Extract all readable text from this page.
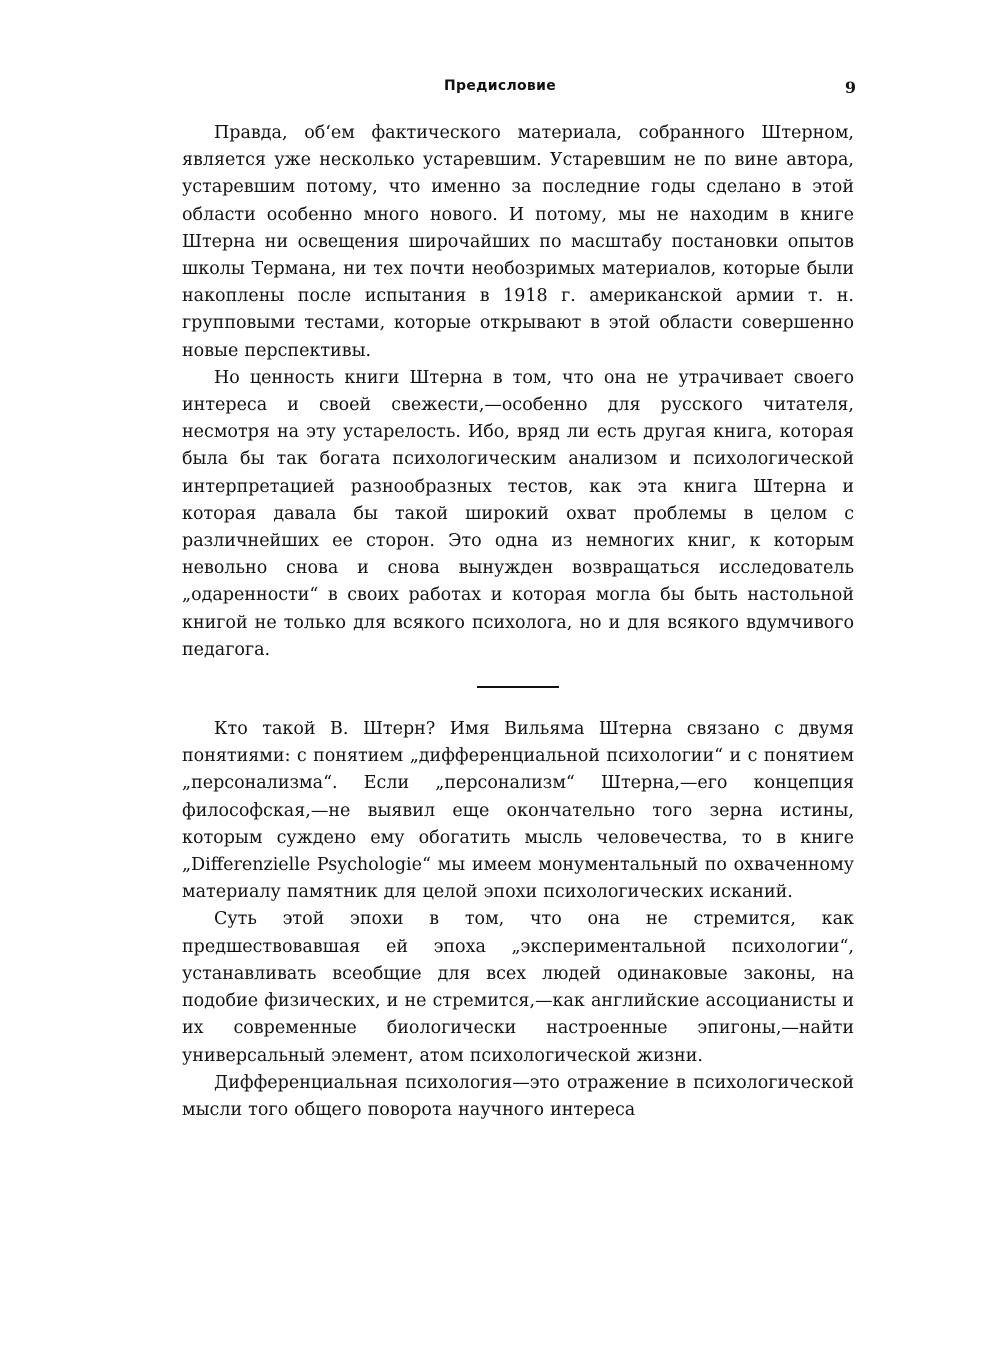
Предисловие	9

Правда, об‘ем фактического материала, собранного Штерном, является уже несколько устаревшим. Устаревшим не по вине автора, устаревшим потому, что именно за последние годы сделано в этой области особенно много нового. И потому, мы не находим в книге Штерна ни освещения широчайших по масштабу постановки опытов школы Термана, ни тех почти необозримых материалов, которые были накоплены после испытания в 1918 г. американской армии т. н. групповыми тестами, которые открывают в этой области совершенно новые перспективы.

Но ценность книги Штерна в том, что она не утрачивает своего интереса и своей свежести,—особенно для русского читателя, несмотря на эту устарелость. Ибо, вряд ли есть другая книга, которая была бы так богата психологическим анализом и психологической интерпретацией разнообразных тестов, как эта книга Штерна и которая давала бы такой широкий охват проблемы в целом с различнейших ее сторон. Это одна из немногих книг, к которым невольно снова и снова вынужден возвращаться исследователь „одаренности“ в своих работах и которая могла бы быть настольной книгой не только для всякого психолога, но и для всякого вдумчивого педагога.

Кто такой В. Штерн? Имя Вильяма Штерна связано с двумя понятиями: с понятием „дифференциальной психологии“ и с понятием „персонализма“. Если „персонализм“ Штерна,—его концепция философская,—не выявил еще окончательно того зерна истины, которым суждено ему обогатить мысль человечества, то в книге „Differenzielle Psychologie“ мы имеем монументальный по охваченному материалу памятник для целой эпохи психологических исканий.

Суть этой эпохи в том, что она не стремится, как предшествовавшая ей эпоха „экспериментальной психологии“, устанавливать всеобщие для всех людей одинаковые законы, на подобие физических, и не стремится,—как английские ассоцианисты и их современные биологически настроенные эпигоны,—найти универсальный элемент, атом психологической жизни.

Дифференциальная психология—это отражение в психологической мысли того общего поворота научного интереса
